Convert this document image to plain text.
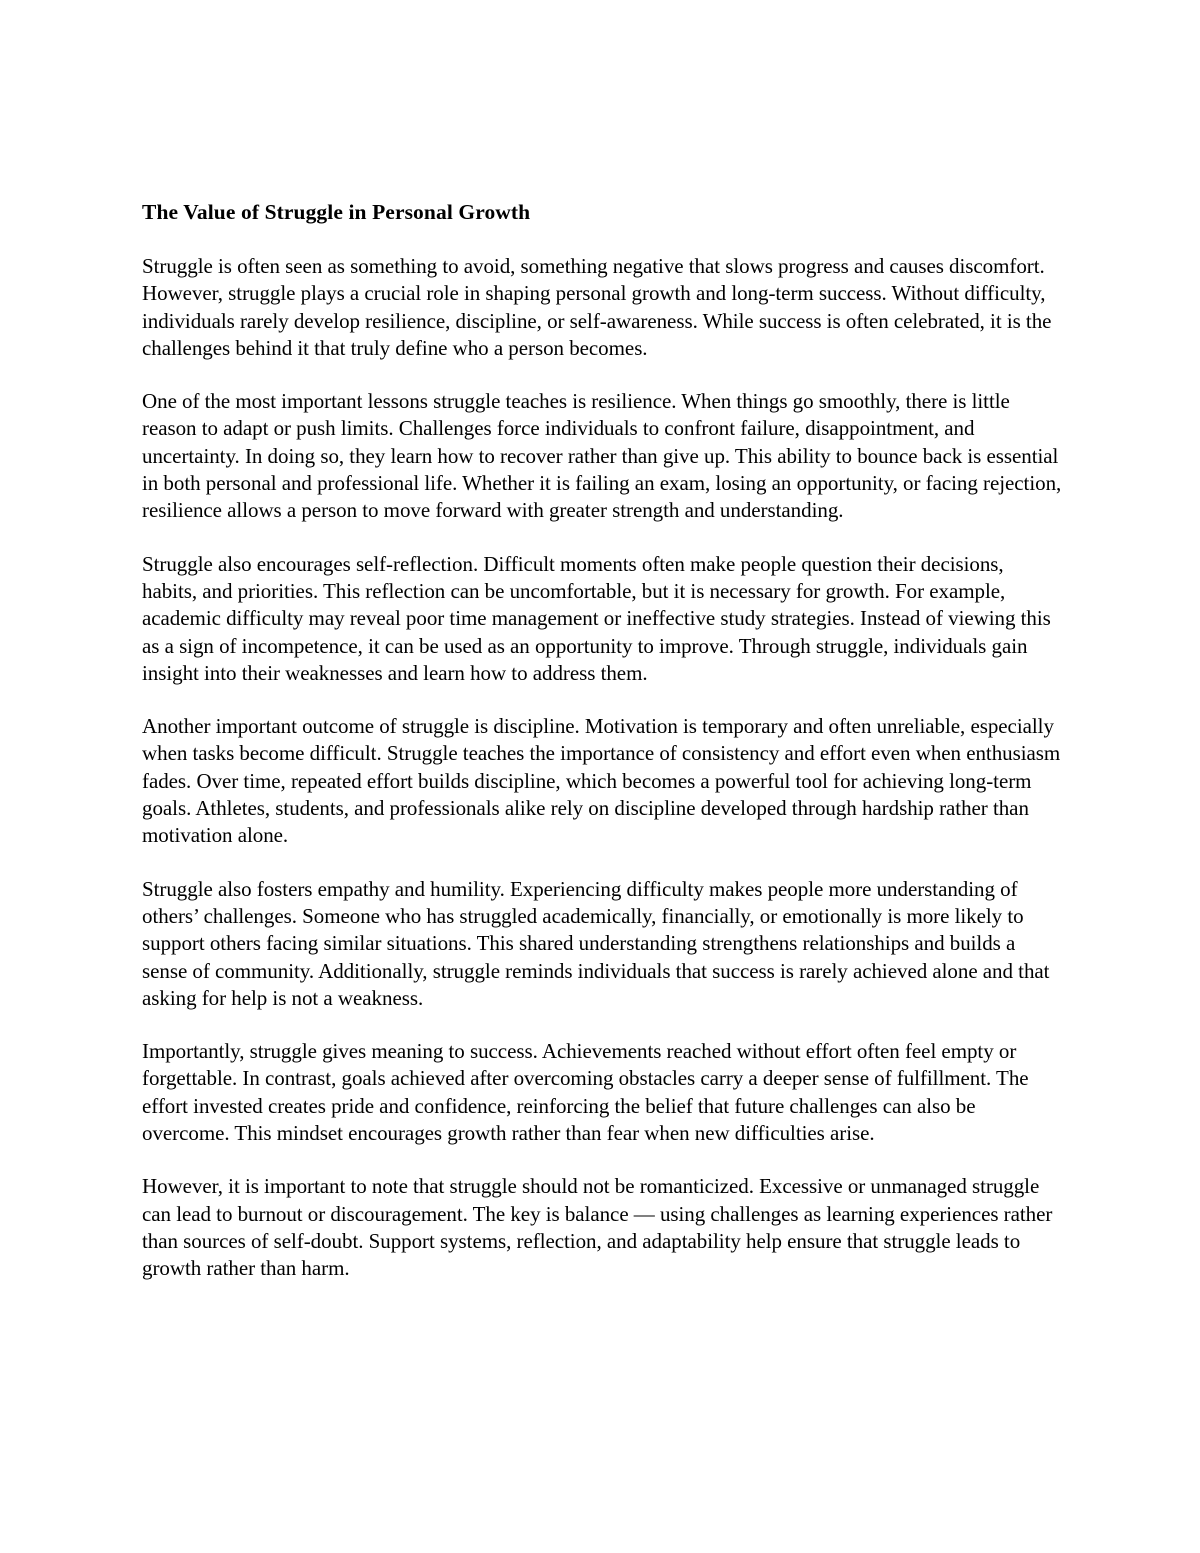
The Value of Struggle in Personal Growth

Struggle is often seen as something to avoid, something negative that slows progress and causes discomfort. However, struggle plays a crucial role in shaping personal growth and long-term success. Without difficulty, individuals rarely develop resilience, discipline, or self-awareness. While success is often celebrated, it is the challenges behind it that truly define who a person becomes.

One of the most important lessons struggle teaches is resilience. When things go smoothly, there is little reason to adapt or push limits. Challenges force individuals to confront failure, disappointment, and uncertainty. In doing so, they learn how to recover rather than give up. This ability to bounce back is essential in both personal and professional life. Whether it is failing an exam, losing an opportunity, or facing rejection, resilience allows a person to move forward with greater strength and understanding.

Struggle also encourages self-reflection. Difficult moments often make people question their decisions, habits, and priorities. This reflection can be uncomfortable, but it is necessary for growth. For example, academic difficulty may reveal poor time management or ineffective study strategies. Instead of viewing this as a sign of incompetence, it can be used as an opportunity to improve. Through struggle, individuals gain insight into their weaknesses and learn how to address them.

Another important outcome of struggle is discipline. Motivation is temporary and often unreliable, especially when tasks become difficult. Struggle teaches the importance of consistency and effort even when enthusiasm fades. Over time, repeated effort builds discipline, which becomes a powerful tool for achieving long-term goals. Athletes, students, and professionals alike rely on discipline developed through hardship rather than motivation alone.

Struggle also fosters empathy and humility. Experiencing difficulty makes people more understanding of others’ challenges. Someone who has struggled academically, financially, or emotionally is more likely to support others facing similar situations. This shared understanding strengthens relationships and builds a sense of community. Additionally, struggle reminds individuals that success is rarely achieved alone and that asking for help is not a weakness.

Importantly, struggle gives meaning to success. Achievements reached without effort often feel empty or forgettable. In contrast, goals achieved after overcoming obstacles carry a deeper sense of fulfillment. The effort invested creates pride and confidence, reinforcing the belief that future challenges can also be overcome. This mindset encourages growth rather than fear when new difficulties arise.

However, it is important to note that struggle should not be romanticized. Excessive or unmanaged struggle can lead to burnout or discouragement. The key is balance — using challenges as learning experiences rather than sources of self-doubt. Support systems, reflection, and adaptability help ensure that struggle leads to growth rather than harm.
